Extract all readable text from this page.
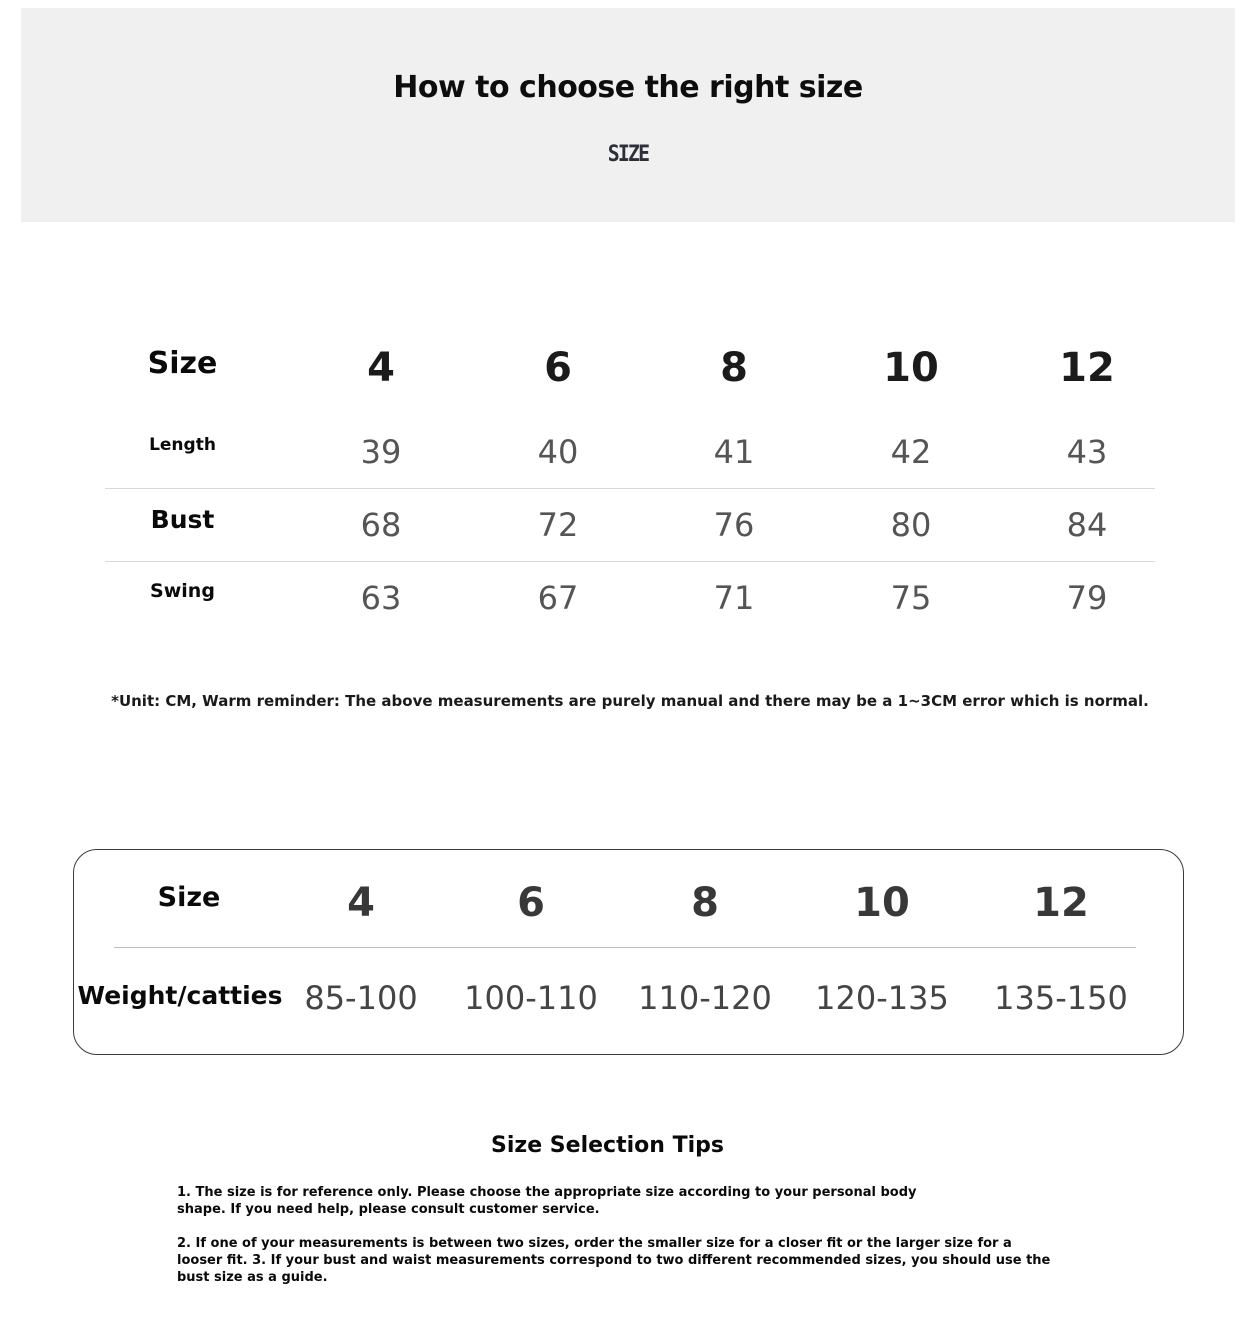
How to choose the right size
SIZE
Size	4	6	8	10	12
Length	39	40	41	42	43
Bust	68	72	76	80	84
Swing	63	67	71	75	79
*Unit: CM, Warm reminder: The above measurements are purely manual and there may be a 1~3CM error which is normal.
Size	4	6	8	10	12
Weight/catties 85-100	100-110	110-120	120-135	135-150
Size Selection Tips
1. The size is for reference only. Please choose the appropriate size according to your personal body shape. If you need help, please consult customer service.
2. If one of your measurements is between two sizes, order the smaller size for a closer fit or the larger size for a looser fit. 3. If your bust and waist measurements correspond to two different recommended sizes, you should use the bust size as a guide.
